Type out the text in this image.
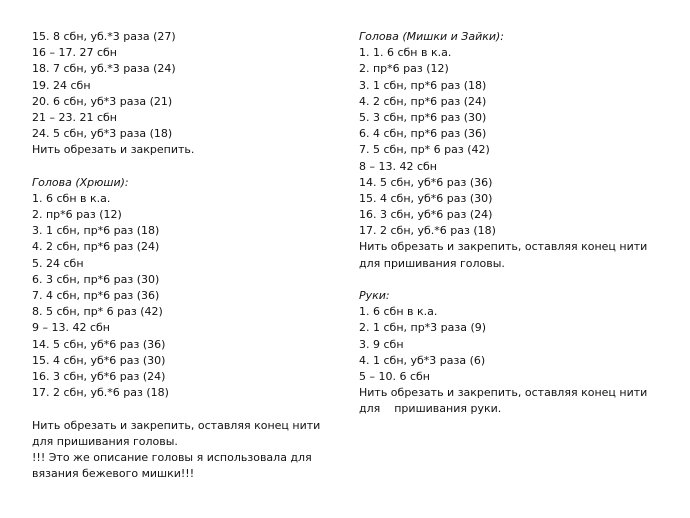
15. 8 сбн, уб.*3 раза (27)
16 – 17. 27 сбн
18. 7 сбн, уб.*3 раза (24)
19. 24 сбн
20. 6 сбн, уб*3 раза (21)
21 – 23. 21 сбн
24. 5 сбн, уб*3 раза (18)
Нить обрезать и закрепить.
Голова (Хрюши):
1. 6 сбн в к.а.
2. пр*6 раз (12)
3. 1 сбн, пр*6 раз (18)
4. 2 сбн, пр*6 раз (24)
5. 24 сбн
6. 3 сбн, пр*6 раз (30)
7. 4 сбн, пр*6 раз (36)
8. 5 сбн, пр* 6 раз (42)
9 – 13. 42 сбн
14. 5 сбн, уб*6 раз (36)
15. 4 сбн, уб*6 раз (30)
16. 3 сбн, уб*6 раз (24)
17. 2 сбн, уб.*6 раз (18)
Нить обрезать и закрепить, оставляя конец нити
для пришивания головы.
!!! Это же описание головы я использовала для
вязания бежевого мишки!!!
Голова (Мишки и Зайки):
1. 1. 6 сбн в к.а.
2. пр*6 раз (12)
3. 1 сбн, пр*6 раз (18)
4. 2 сбн, пр*6 раз (24)
5. 3 сбн, пр*6 раз (30)
6. 4 сбн, пр*6 раз (36)
7. 5 сбн, пр* 6 раз (42)
8 – 13. 42 сбн
14. 5 сбн, уб*6 раз (36)
15. 4 сбн, уб*6 раз (30)
16. 3 сбн, уб*6 раз (24)
17. 2 сбн, уб.*6 раз (18)
Нить обрезать и закрепить, оставляя конец нити
для пришивания головы.
Руки:
1. 6 сбн в к.а.
2. 1 сбн, пр*3 раза (9)
3. 9 сбн
4. 1 сбн, уб*3 раза (6)
5 – 10. 6 сбн
Нить обрезать и закрепить, оставляя конец нити
для    пришивания руки.
